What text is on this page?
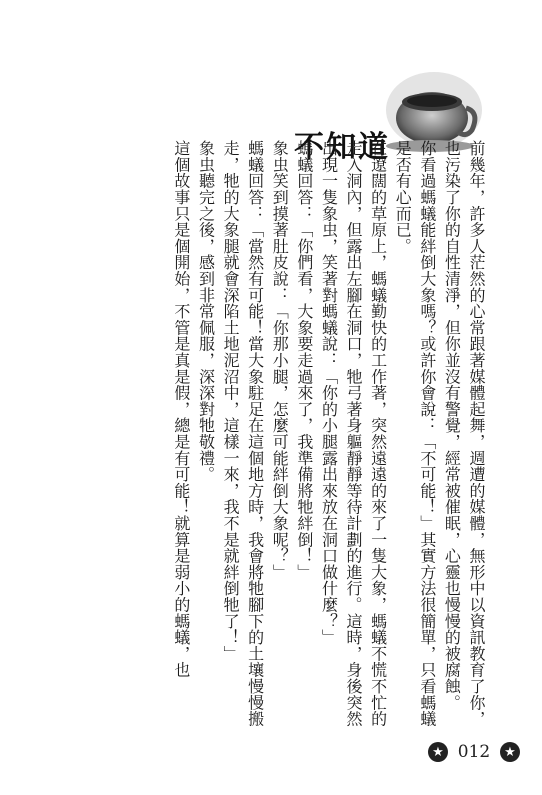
不知道	前幾年，許多人茫然的心常跟著媒體起舞，週遭的媒體，無形中以資訊教育了你，也污染了你的自性清淨，但你並沒有警覺，經常被催眠，心靈也慢慢的被腐蝕。

你看過螞蟻能絆倒大象嗎？或許你會說：「不可能！」其實方法很簡單，只看螞蟻是否有心而已。

在遼闊的草原上，螞蟻勤快的工作著，突然遠遠的來了一隻大象，螞蟻不慌不忙的走入洞內，但露出左腳在洞口，牠弓著身軀靜靜等待計劃的進行。這時，身後突然出現一隻象虫，笑著對螞蟻說：「你的小腿露出來放在洞口做什麼？」

螞蟻回答：「你們看，大象要走過來了，我準備將牠絆倒！」

象虫笑到摸著肚皮說：「你那小腿，怎麼可能絆倒大象呢？」

螞蟻回答：「當然有可能！當大象駐足在這個地方時，我會將牠腳下的土壤慢慢搬走，牠的大象腿就會深陷土地泥沼中，這樣一來，我不是就絆倒牠了！」

象虫聽完之後，感到非常佩服，深深對牠敬禮。

這個故事只是個開始，不管是真是假，總是有可能！就算是弱小的螞蟻，也

★ 012	★
